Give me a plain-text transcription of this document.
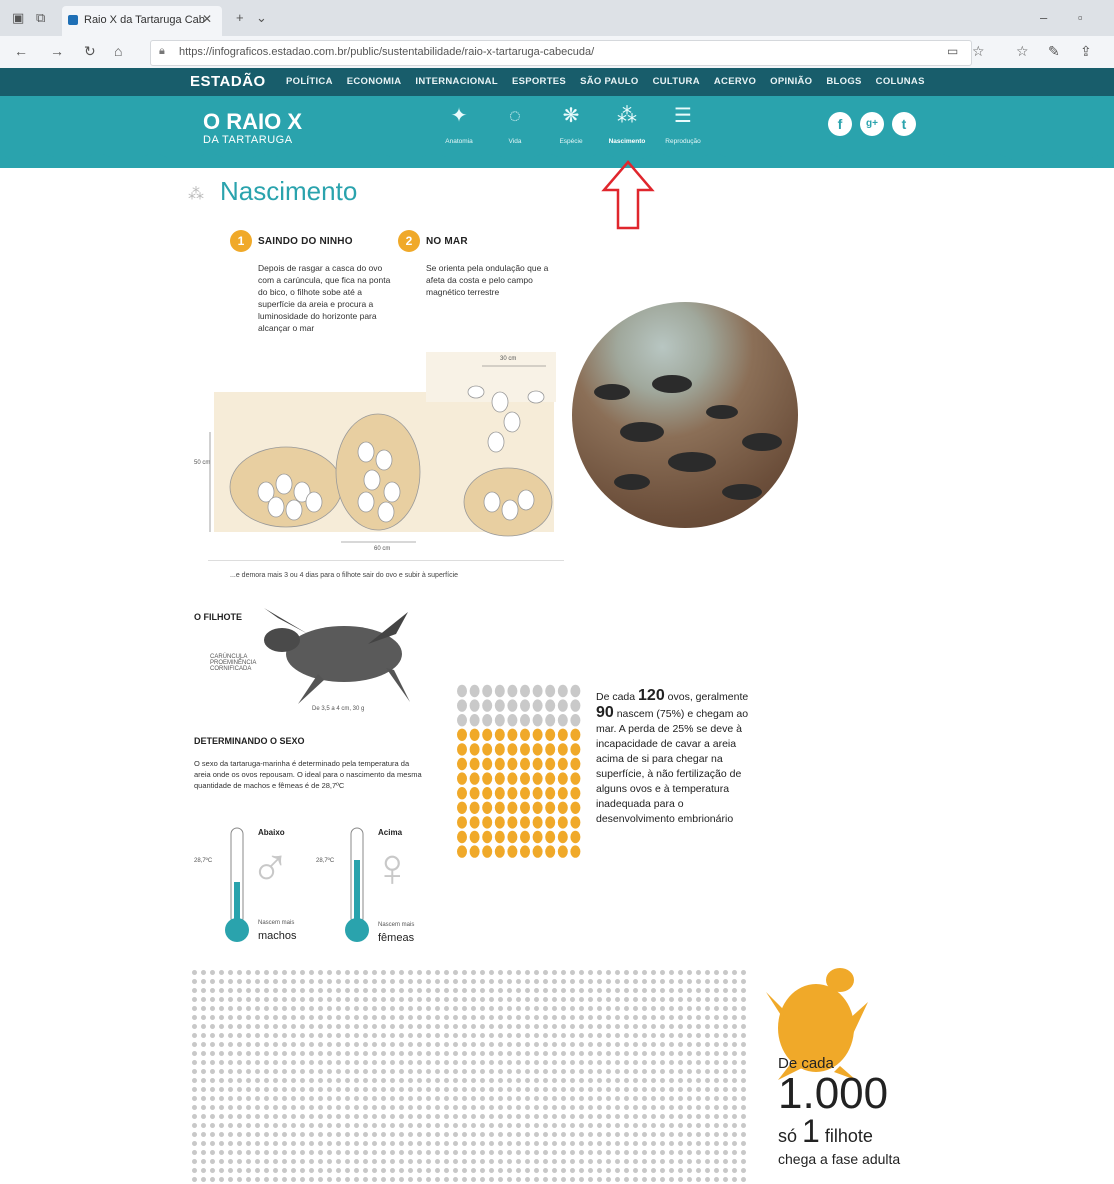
▣ ⧉	Raio X da Tartaruga Cab
✕ + ⌄	– ▫
← → ↻ ⌂	🔒︎ https://infograficos.estadao.com.br/public/sustentabilidade/raio-x-tartaruga-cabecuda/	▭ ☆ ☆ ✎ ⇪
ESTADÃO POLÍTICA ECONOMIA INTERNACIONAL ESPORTES SÃO PAULO CULTURA ACERVO OPINIÃO BLOGS COLUNAS
O RAIO X
DA TARTARUGA
✦
Anatomia
◌
Vida
❋
Espécie
⁂
Nascimento
☰
Reprodução
f	g+	t
⁂ Nascimento
1	SAINDO DO NINHO
Depois de rasgar a casca do ovo com a carúncula, que fica na ponta do bico, o filhote sobe até a superfície da areia e procura a luminosidade do horizonte para alcançar o mar
2	NO MAR
Se orienta pela ondulação que a afeta da costa e pelo campo magnético terrestre
50 cm
60 cm
30 cm
...e demora mais 3 ou 4 dias para o filhote sair do ovo e subir à superfície
O FILHOTE
CARÚNCULA PROEMINÊNCIA CORNIFICADA
De 3,5 a 4 cm, 30 g
DETERMINANDO O SEXO
O sexo da tartaruga-marinha é determinado pela temperatura da areia onde os ovos repousam. O ideal para o nascimento da mesma quantidade de machos e fêmeas é de 28,7ºC
Abaixo	Acima
28,7ºC	28,7ºC
♂ ♀
Nascem mais
machos
Nascem mais
fêmeas
De cada 120 ovos, geralmente 90 nascem (75%) e chegam ao mar. A perda de 25% se deve à incapacidade de cavar a areia acima de si para chegar na superfície, à não fertilização de alguns ovos e à temperatura inadequada para o desenvolvimento embrionário
De cada
1.000
só 1 filhote
chega a fase adulta
